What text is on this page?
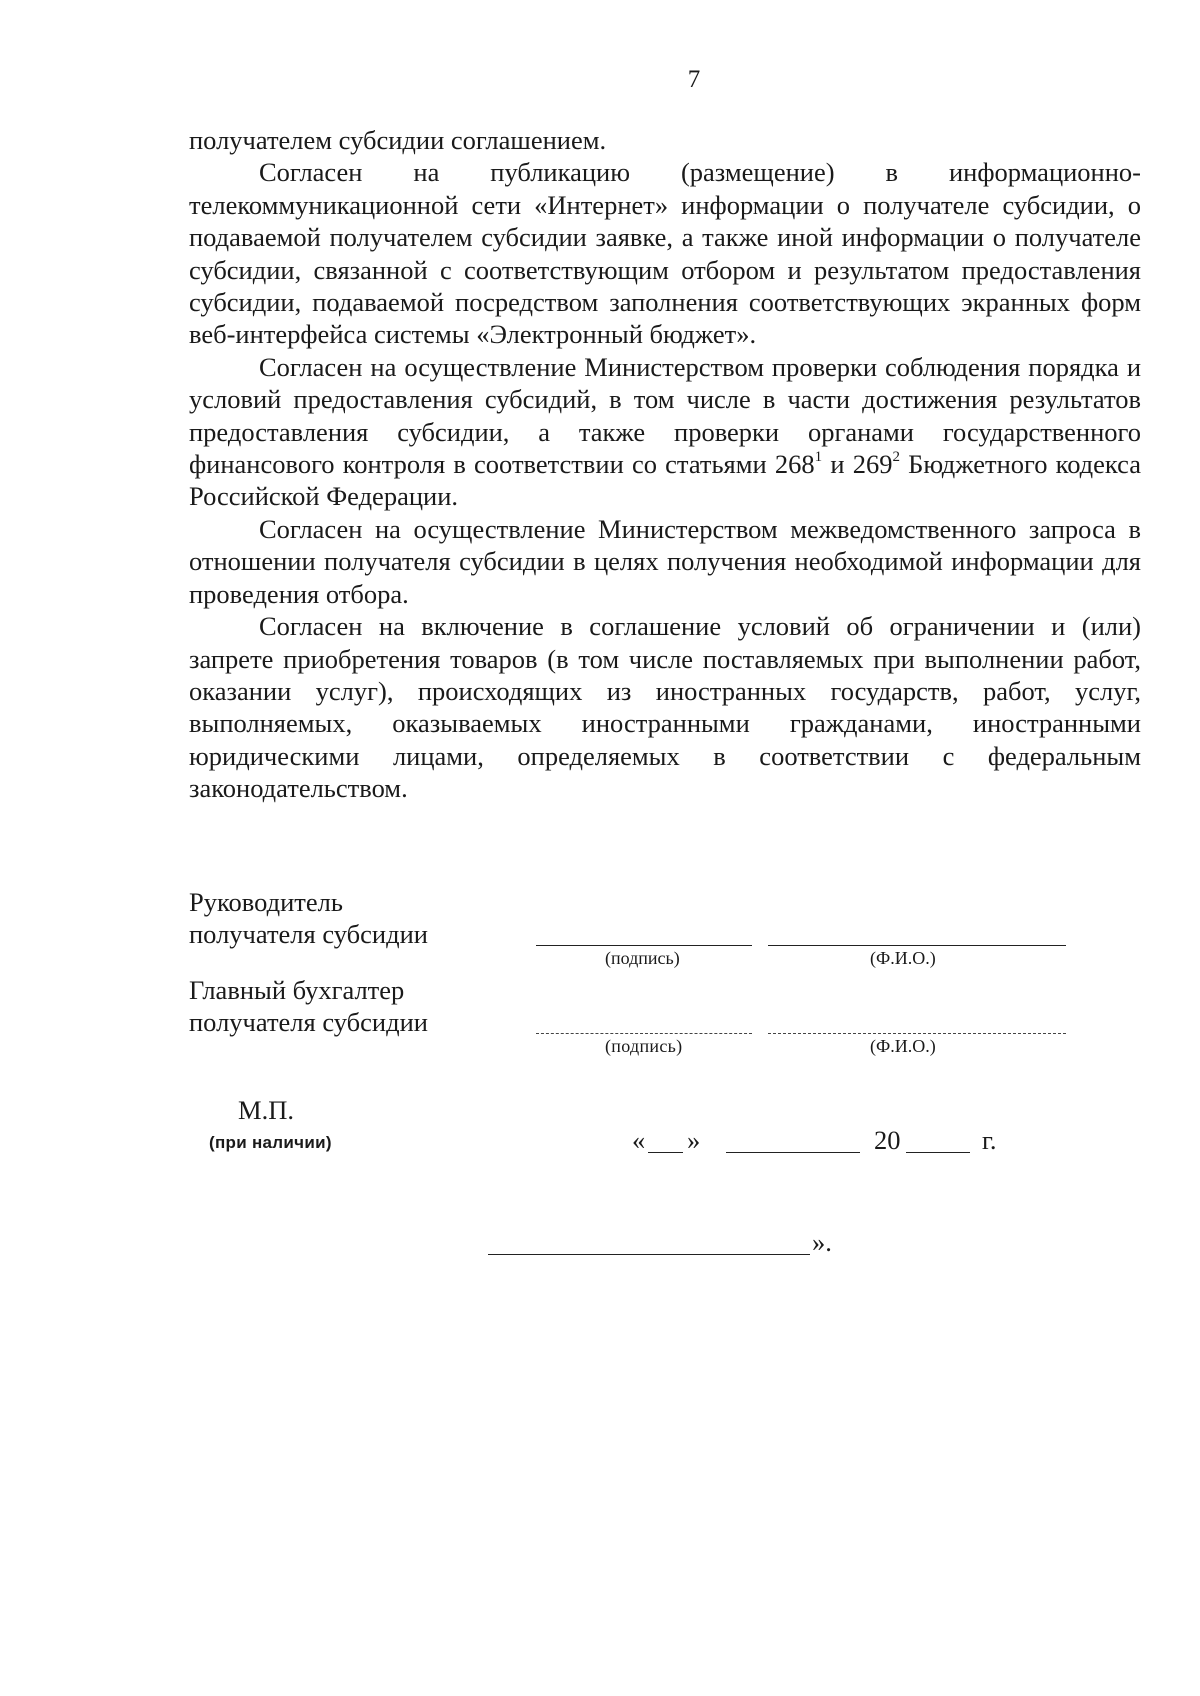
7

получателем субсидии соглашением.

Согласен на публикацию (размещение) в информационно-телекоммуникационной сети «Интернет» информации о получателе субсидии, о подаваемой получателем субсидии заявке, а также иной информации о получателе субсидии, связанной с соответствующим отбором и результатом предоставления субсидии, подаваемой посредством заполнения соответствующих экранных форм веб-интерфейса системы «Электронный бюджет».

Согласен на осуществление Министерством проверки соблюдения порядка и условий предоставления субсидий, в том числе в части достижения результатов предоставления субсидии, а также проверки органами государственного финансового контроля в соответствии со статьями $268^1$ и $269^2$ Бюджетного кодекса Российской Федерации.

Согласен на осуществление Министерством межведомственного запроса в отношении получателя субсидии в целях получения необходимой информации для проведения отбора.

Согласен на включение в соглашение условий об ограничении и (или) запрете приобретения товаров (в том числе поставляемых при выполнении работ, оказании услуг), происходящих из иностранных государств, работ, услуг, выполняемых, оказываемых иностранными гражданами, иностранными юридическими лицами, определяемых в соответствии с федеральным законодательством.

Руководитель
получателя субсидии
(подпись)	(Ф.И.О.)
Главный бухгалтер
получателя субсидии
(подпись)	(Ф.И.О.)
М.П.
(при наличии)	« »	20	г.
».
